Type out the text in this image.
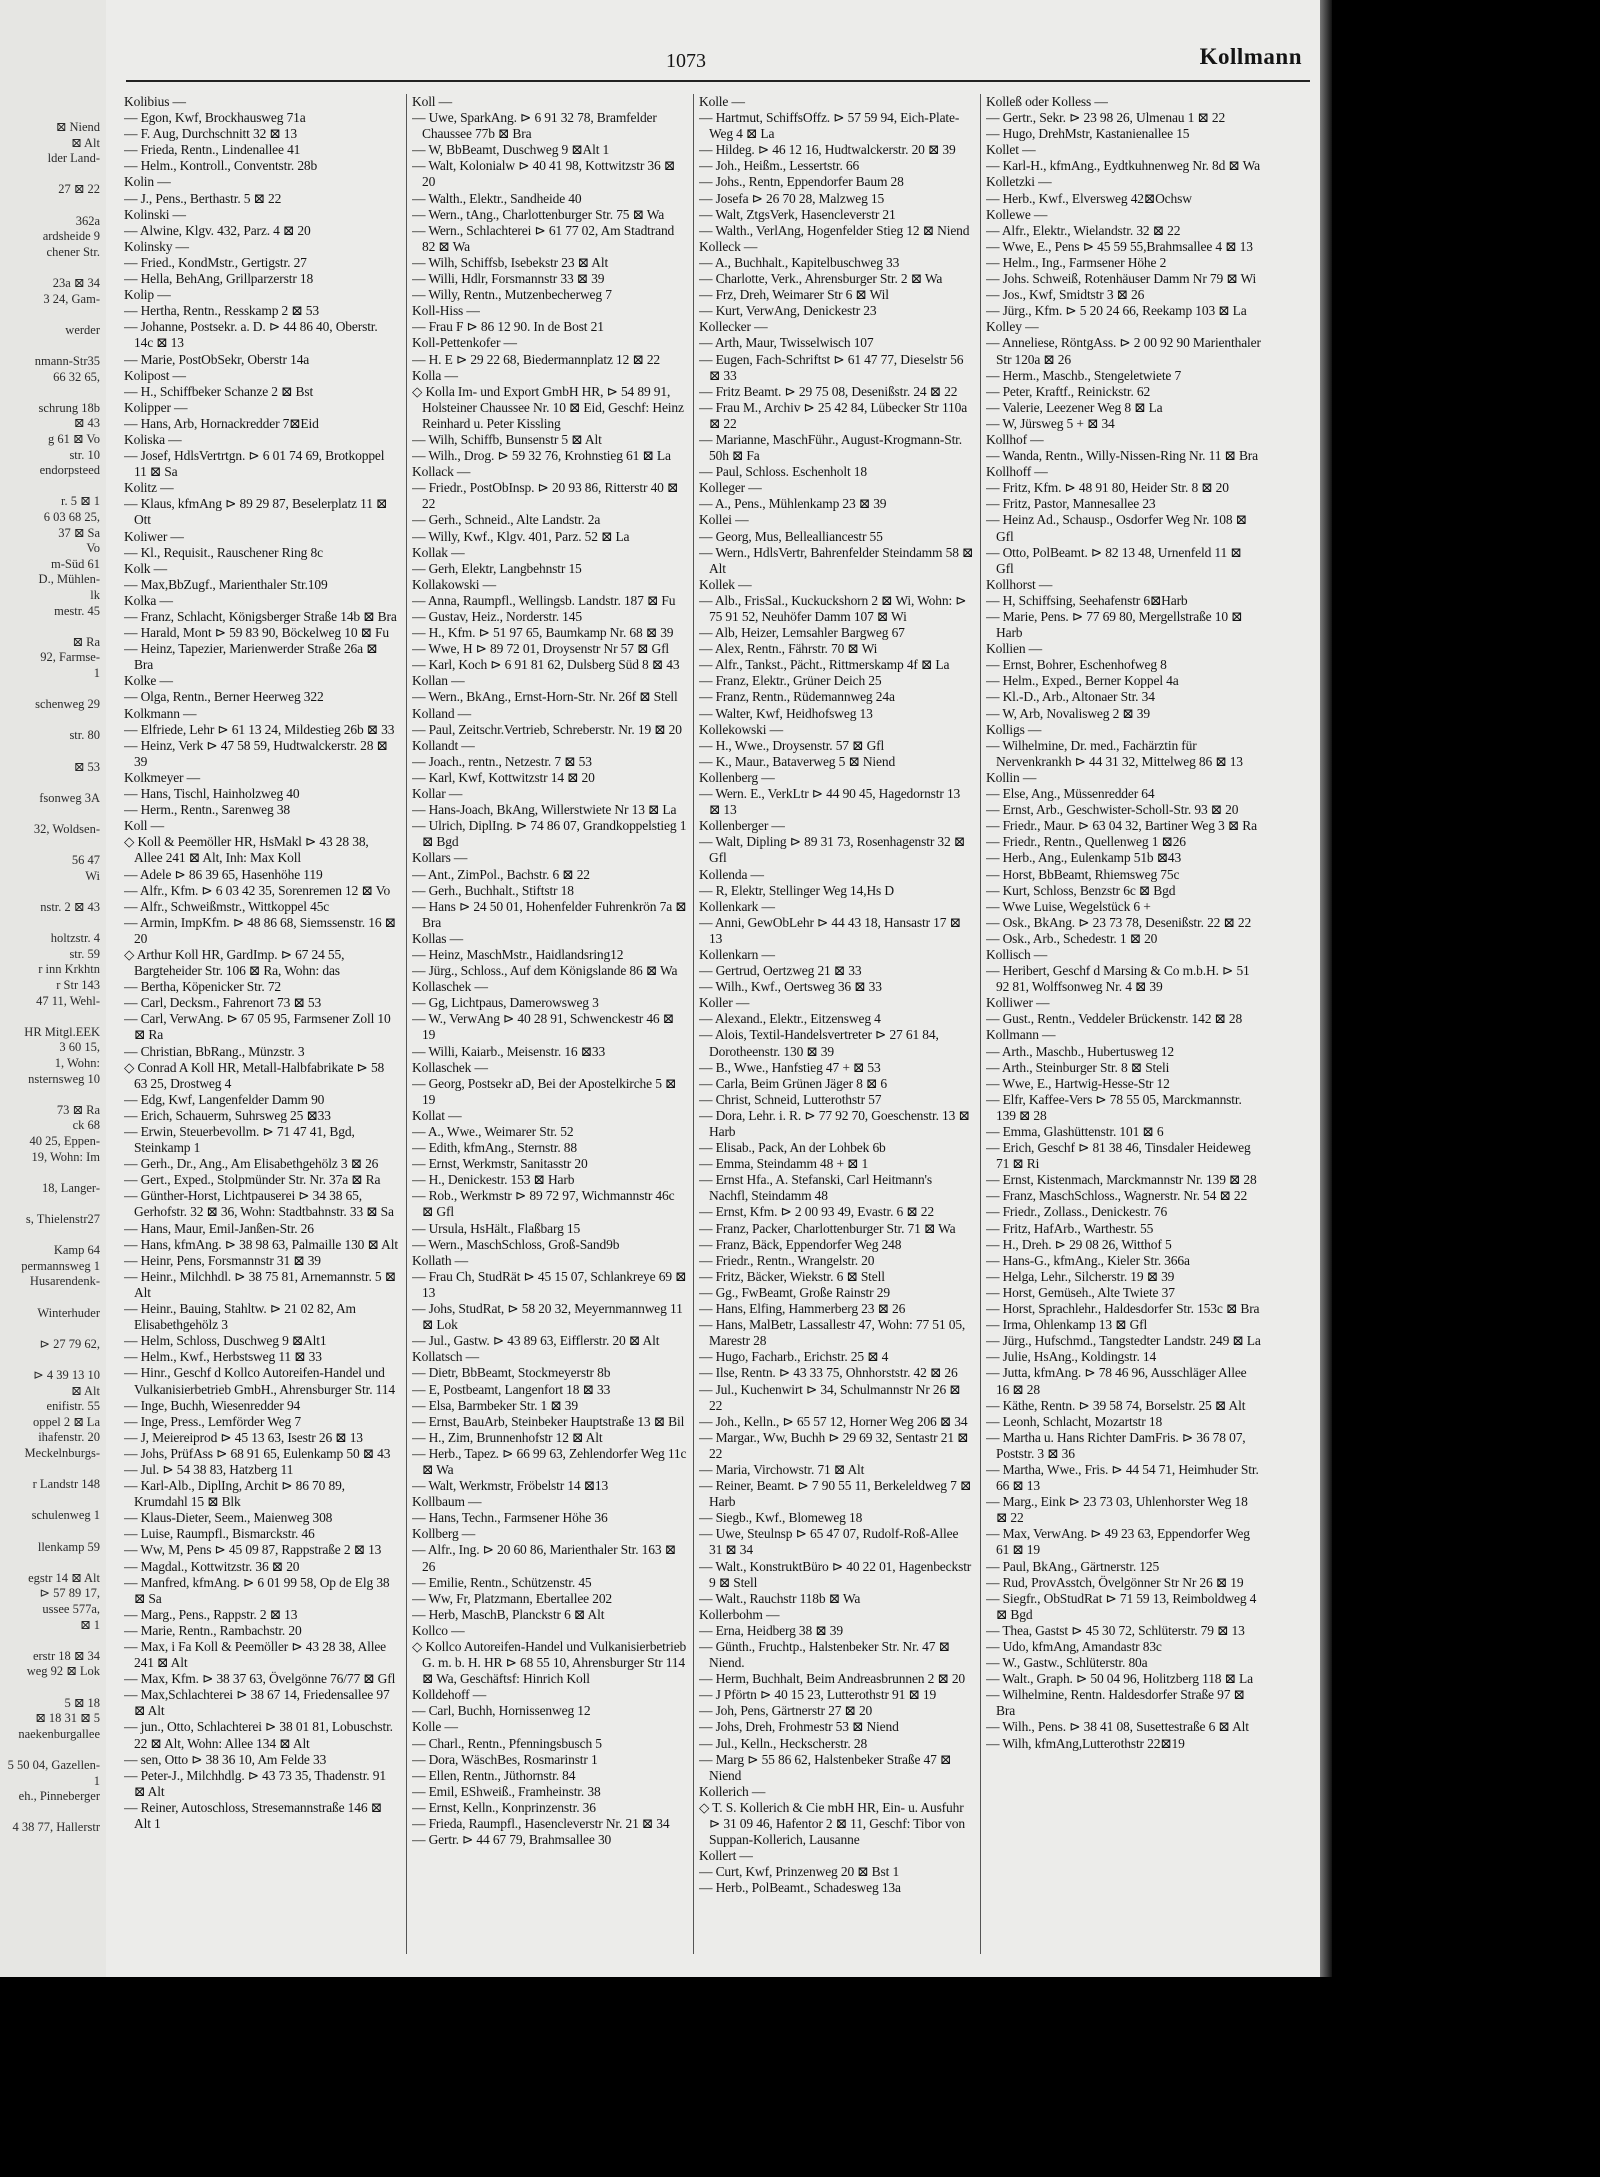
⊠ Niend
⊠ Alt
lder Land-
27 ⊠ 22
362a
ardsheide 9
chener Str.
23a ⊠ 34
3 24, Gam-
werder
nmann-Str35
66 32 65,
schrung 18b
⊠ 43
g 61 ⊠ Vo
str. 10
endorpsteed
r. 5 ⊠ 1
6 03 68 25,
37 ⊠ Sa
Vo
m-Süd 61
D., Mühlen-
lk
mestr. 45
⊠ Ra
92, Farmse-
1
schenweg 29
str. 80
⊠ 53
fsonweg 3A
32, Woldsen-
56 47
Wi
nstr. 2 ⊠ 43
holtzstr. 4
str. 59
r inn Krkhtn
r Str 143
47 11, Wehl-
HR Mitgl.EEK
3 60 15,
1, Wohn:
nsternsweg 10
73 ⊠ Ra
ck 68
40 25, Eppen-
19, Wohn: Im
18, Langer-
s, Thielenstr27
Kamp 64
permannsweg 1
Husarendenk-
Winterhuder
⊳ 27 79 62,
⊳ 4 39 13 10
⊠ Alt
enifistr. 55
oppel 2 ⊠ La
ihafenstr. 20
Meckelnburgs-
r Landstr 148
schulenweg 1
llenkamp 59
egstr 14 ⊠ Alt
⊳ 57 89 17,
ussee 577a,
⊠ 1
erstr 18 ⊠ 34
weg 92 ⊠ Lok
5 ⊠ 18
⊠ 18 31 ⊠ 5
naekenburgallee
5 50 04, Gazellen-
1
eh., Pinneberger
4 38 77, Hallerstr
1073	Kollmann
Kolibius —
— Egon, Kwf, Brockhausweg 71a
— F. Aug, Durchschnitt 32 ⊠ 13
— Frieda, Rentn., Lindenallee 41
— Helm., Kontroll., Conventstr. 28b
Kolin —
— J., Pens., Berthastr. 5 ⊠ 22
Kolinski —
— Alwine, Klgv. 432, Parz. 4 ⊠ 20
Kolinsky —
— Fried., KondMstr., Gertigstr. 27
— Hella, BehAng, Grillparzerstr 18
Kolip —
— Hertha, Rentn., Resskamp 2 ⊠ 53
— Johanne, Postsekr. a. D. ⊳ 44 86 40, Oberstr. 14c ⊠ 13
— Marie, PostObSekr, Oberstr 14a
Kolipost —
— H., Schiffbeker Schanze 2 ⊠ Bst
Kolipper —
— Hans, Arb, Hornackredder 7⊠Eid
Koliska —
— Josef, HdlsVertrtgn. ⊳ 6 01 74 69, Brotkoppel 11 ⊠ Sa
Kolitz —
— Klaus, kfmAng ⊳ 89 29 87, Beselerplatz 11 ⊠ Ott
Koliwer —
— Kl., Requisit., Rauschener Ring 8c
Kolk —
— Max,BbZugf., Marienthaler Str.109
Kolka —
— Franz, Schlacht, Königsberger Straße 14b ⊠ Bra
— Harald, Mont ⊳ 59 83 90, Böckelweg 10 ⊠ Fu
— Heinz, Tapezier, Marienwerder Straße 26a ⊠ Bra
Kolke —
— Olga, Rentn., Berner Heerweg 322
Kolkmann —
— Elfriede, Lehr ⊳ 61 13 24, Mildestieg 26b ⊠ 33
— Heinz, Verk ⊳ 47 58 59, Hudtwalckerstr. 28 ⊠ 39
Kolkmeyer —
— Hans, Tischl, Hainholzweg 40
— Herm., Rentn., Sarenweg 38
Koll —
◇ Koll & Peemöller HR, HsMakl ⊳ 43 28 38, Allee 241 ⊠ Alt, Inh: Max Koll
— Adele ⊳ 86 39 65, Hasenhöhe 119
— Alfr., Kfm. ⊳ 6 03 42 35, Sorenremen 12 ⊠ Vo
— Alfr., Schweißmstr., Wittkoppel 45c
— Armin, ImpKfm. ⊳ 48 86 68, Siemssenstr. 16 ⊠ 20
◇ Arthur Koll HR, GardImp. ⊳ 67 24 55, Bargteheider Str. 106 ⊠ Ra, Wohn: das
— Bertha, Köpenicker Str. 72
— Carl, Decksm., Fahrenort 73 ⊠ 53
— Carl, VerwAng. ⊳ 67 05 95, Farmsener Zoll 10 ⊠ Ra
— Christian, BbRang., Münzstr. 3
◇ Conrad A Koll HR, Metall-Halbfabrikate ⊳ 58 63 25, Drostweg 4
— Edg, Kwf, Langenfelder Damm 90
— Erich, Schauerm, Suhrsweg 25 ⊠33
— Erwin, Steuerbevollm. ⊳ 71 47 41, Bgd, Steinkamp 1
— Gerh., Dr., Ang., Am Elisabethgehölz 3 ⊠ 26
— Gert., Exped., Stolpmünder Str. Nr. 37a ⊠ Ra
— Günther-Horst, Lichtpauserei ⊳ 34 38 65, Gerhofstr. 32 ⊠ 36, Wohn: Stadtbahnstr. 33 ⊠ Sa
— Hans, Maur, Emil-Janßen-Str. 26
— Hans, kfmAng. ⊳ 38 98 63, Palmaille 130 ⊠ Alt
— Heinr, Pens, Forsmannstr 31 ⊠ 39
— Heinr., Milchhdl. ⊳ 38 75 81, Arnemannstr. 5 ⊠ Alt
— Heinr., Bauing, Stahltw. ⊳ 21 02 82, Am Elisabethgehölz 3
— Helm, Schloss, Duschweg 9 ⊠Alt1
— Helm., Kwf., Herbstsweg 11 ⊠ 33
— Hinr., Geschf d Kollco Autoreifen-Handel und Vulkanisierbetrieb GmbH., Ahrensburger Str. 114
— Inge, Buchh, Wiesenredder 94
— Inge, Press., Lemförder Weg 7
— J, Meiereiprod ⊳ 45 13 63, Isestr 26 ⊠ 13
— Johs, PrüfAss ⊳ 68 91 65, Eulenkamp 50 ⊠ 43
— Jul. ⊳ 54 38 83, Hatzberg 11
— Karl-Alb., DiplIng, Archit ⊳ 86 70 89, Krumdahl 15 ⊠ Blk
— Klaus-Dieter, Seem., Maienweg 308
— Luise, Raumpfl., Bismarckstr. 46
— Ww, M, Pens ⊳ 45 09 87, Rappstraße 2 ⊠ 13
— Magdal., Kottwitzstr. 36 ⊠ 20
— Manfred, kfmAng. ⊳ 6 01 99 58, Op de Elg 38 ⊠ Sa
— Marg., Pens., Rappstr. 2 ⊠ 13
— Marie, Rentn., Rambachstr. 20
— Max, i Fa Koll & Peemöller ⊳ 43 28 38, Allee 241 ⊠ Alt
— Max, Kfm. ⊳ 38 37 63, Övelgönne 76/77 ⊠ Gfl
— Max,Schlachterei ⊳ 38 67 14, Friedensallee 97 ⊠ Alt
— jun., Otto, Schlachterei ⊳ 38 01 81, Lobuschstr. 22 ⊠ Alt, Wohn: Allee 134 ⊠ Alt
— sen, Otto ⊳ 38 36 10, Am Felde 33
— Peter-J., Milchhdlg. ⊳ 43 73 35, Thadenstr. 91 ⊠ Alt
— Reiner, Autoschloss, Stresemannstraße 146 ⊠ Alt 1
Koll —
— Uwe, SparkAng. ⊳ 6 91 32 78, Bramfelder Chaussee 77b ⊠ Bra
— W, BbBeamt, Duschweg 9 ⊠Alt 1
— Walt, Kolonialw ⊳ 40 41 98, Kottwitzstr 36 ⊠ 20
— Walth., Elektr., Sandheide 40
— Wern., tAng., Charlottenburger Str. 75 ⊠ Wa
— Wern., Schlachterei ⊳ 61 77 02, Am Stadtrand 82 ⊠ Wa
— Wilh, Schiffsb, Isebekstr 23 ⊠ Alt
— Willi, Hdlr, Forsmannstr 33 ⊠ 39
— Willy, Rentn., Mutzenbecherweg 7
Koll-Hiss —
— Frau F ⊳ 86 12 90. In de Bost 21
Koll-Pettenkofer —
— H. E ⊳ 29 22 68, Biedermannplatz 12 ⊠ 22
Kolla —
◇ Kolla Im- und Export GmbH HR, ⊳ 54 89 91, Holsteiner Chaussee Nr. 10 ⊠ Eid, Geschf: Heinz Reinhard u. Peter Kissling
— Wilh, Schiffb, Bunsenstr 5 ⊠ Alt
— Wilh., Drog. ⊳ 59 32 76, Krohnstieg 61 ⊠ La
Kollack —
— Friedr., PostObInsp. ⊳ 20 93 86, Ritterstr 40 ⊠ 22
— Gerh., Schneid., Alte Landstr. 2a
— Willy, Kwf., Klgv. 401, Parz. 52 ⊠ La
Kollak —
— Gerh, Elektr, Langbehnstr 15
Kollakowski —
— Anna, Raumpfl., Wellingsb. Landstr. 187 ⊠ Fu
— Gustav, Heiz., Norderstr. 145
— H., Kfm. ⊳ 51 97 65, Baumkamp Nr. 68 ⊠ 39
— Wwe, H ⊳ 89 72 01, Droysenstr Nr 57 ⊠ Gfl
— Karl, Koch ⊳ 6 91 81 62, Dulsberg Süd 8 ⊠ 43
Kollan —
— Wern., BkAng., Ernst-Horn-Str. Nr. 26f ⊠ Stell
Kolland —
— Paul, Zeitschr.Vertrieb, Schreberstr. Nr. 19 ⊠ 20
Kollandt —
— Joach., rentn., Netzestr. 7 ⊠ 53
— Karl, Kwf, Kottwitzstr 14 ⊠ 20
Kollar —
— Hans-Joach, BkAng, Willerstwiete Nr 13 ⊠ La
— Ulrich, DiplIng. ⊳ 74 86 07, Grandkoppelstieg 1 ⊠ Bgd
Kollars —
— Ant., ZimPol., Bachstr. 6 ⊠ 22
— Gerh., Buchhalt., Stiftstr 18
— Hans ⊳ 24 50 01, Hohenfelder Fuhrenkrön 7a ⊠ Bra
Kollas —
— Heinz, MaschMstr., Haidlandsring12
— Jürg., Schloss., Auf dem Königslande 86 ⊠ Wa
Kollaschek —
— Gg, Lichtpaus, Damerowsweg 3
— W., VerwAng ⊳ 40 28 91, Schwenckestr 46 ⊠ 19
— Willi, Kaiarb., Meisenstr. 16 ⊠33
Kollaschek —
— Georg, Postsekr aD, Bei der Apostelkirche 5 ⊠ 19
Kollat —
— A., Wwe., Weimarer Str. 52
— Edith, kfmAng., Sternstr. 88
— Ernst, Werkmstr, Sanitasstr 20
— H., Denickestr. 153 ⊠ Harb
— Rob., Werkmstr ⊳ 89 72 97, Wichmannstr 46c ⊠ Gfl
— Ursula, HsHält., Flaßbarg 15
— Wern., MaschSchloss, Groß-Sand9b
Kollath —
— Frau Ch, StudRät ⊳ 45 15 07, Schlankreye 69 ⊠ 13
— Johs, StudRat, ⊳ 58 20 32, Meyernmannweg 11 ⊠ Lok
— Jul., Gastw. ⊳ 43 89 63, Eifflerstr. 20 ⊠ Alt
Kollatsch —
— Dietr, BbBeamt, Stockmeyerstr 8b
— E, Postbeamt, Langenfort 18 ⊠ 33
— Elsa, Barmbeker Str. 1 ⊠ 39
— Ernst, BauArb, Steinbeker Hauptstraße 13 ⊠ Bil
— H., Zim, Brunnenhofstr 12 ⊠ Alt
— Herb., Tapez. ⊳ 66 99 63, Zehlendorfer Weg 11c ⊠ Wa
— Walt, Werkmstr, Fröbelstr 14 ⊠13
Kollbaum —
— Hans, Techn., Farmsener Höhe 36
Kollberg —
— Alfr., Ing. ⊳ 20 60 86, Marienthaler Str. 163 ⊠ 26
— Emilie, Rentn., Schützenstr. 45
— Ww, Fr, Platzmann, Ebertallee 202
— Herb, MaschB, Planckstr 6 ⊠ Alt
Kollco —
◇ Kollco Autoreifen-Handel und Vulkanisierbetrieb G. m. b. H. HR ⊳ 68 55 10, Ahrensburger Str 114 ⊠ Wa, Geschäftsf: Hinrich Koll
Kolldehoff —
— Carl, Buchh, Hornissenweg 12
Kolle —
— Charl., Rentn., Pfenningsbusch 5
— Dora, WäschBes, Rosmarinstr 1
— Ellen, Rentn., Jüthornstr. 84
— Emil, EShweiß., Framheinstr. 38
— Ernst, Kelln., Konprinzenstr. 36
— Frieda, Raumpfl., Hasencleverstr Nr. 21 ⊠ 34
— Gertr. ⊳ 44 67 79, Brahmsallee 30
Kolle —
— Hartmut, SchiffsOffz. ⊳ 57 59 94, Eich-Plate-Weg 4 ⊠ La
— Hildeg. ⊳ 46 12 16, Hudtwalckerstr. 20 ⊠ 39
— Joh., Heißm., Lessertstr. 66
— Johs., Rentn, Eppendorfer Baum 28
— Josefa ⊳ 26 70 28, Malzweg 15
— Walt, ZtgsVerk, Hasencleverstr 21
— Walth., VerlAng, Hogenfelder Stieg 12 ⊠ Niend
Kolleck —
— A., Buchhalt., Kapitelbuschweg 33
— Charlotte, Verk., Ahrensburger Str. 2 ⊠ Wa
— Frz, Dreh, Weimarer Str 6 ⊠ Wil
— Kurt, VerwAng, Denickestr 23
Kollecker —
— Arth, Maur, Twisselwisch 107
— Eugen, Fach-Schriftst ⊳ 61 47 77, Dieselstr 56 ⊠ 33
— Fritz Beamt. ⊳ 29 75 08, Desenißstr. 24 ⊠ 22
— Frau M., Archiv ⊳ 25 42 84, Lübecker Str 110a ⊠ 22
— Marianne, MaschFühr., August-Krogmann-Str. 50h ⊠ Fa
— Paul, Schloss. Eschenholt 18
Kolleger —
— A., Pens., Mühlenkamp 23 ⊠ 39
Kollei —
— Georg, Mus, Bellealliancestr 55
— Wern., HdlsVertr, Bahrenfelder Steindamm 58 ⊠ Alt
Kollek —
— Alb., FrisSal., Kuckuckshorn 2 ⊠ Wi, Wohn: ⊳ 75 91 52, Neuhöfer Damm 107 ⊠ Wi
— Alb, Heizer, Lemsahler Bargweg 67
— Alex, Rentn., Fährstr. 70 ⊠ Wi
— Alfr., Tankst., Pächt., Rittmerskamp 4f ⊠ La
— Franz, Elektr., Grüner Deich 25
— Franz, Rentn., Rüdemannweg 24a
— Walter, Kwf, Heidhofsweg 13
Kollekowski —
— H., Wwe., Droysenstr. 57 ⊠ Gfl
— K., Maur., Bataverweg 5 ⊠ Niend
Kollenberg —
— Wern. E., VerkLtr ⊳ 44 90 45, Hagedornstr 13 ⊠ 13
Kollenberger —
— Walt, Dipling ⊳ 89 31 73, Rosenhagenstr 32 ⊠ Gfl
Kollenda —
— R, Elektr, Stellinger Weg 14,Hs D
Kollenkark —
— Anni, GewObLehr ⊳ 44 43 18, Hansastr 17 ⊠ 13
Kollenkarn —
— Gertrud, Oertzweg 21 ⊠ 33
— Wilh., Kwf., Oertsweg 36 ⊠ 33
Koller —
— Alexand., Elektr., Eitzensweg 4
— Alois, Textil-Handelsvertreter ⊳ 27 61 84, Dorotheenstr. 130 ⊠ 39
— B., Wwe., Hanfstieg 47 + ⊠ 53
— Carla, Beim Grünen Jäger 8 ⊠ 6
— Christ, Schneid, Lutterothstr 57
— Dora, Lehr. i. R. ⊳ 77 92 70, Goeschenstr. 13 ⊠ Harb
— Elisab., Pack, An der Lohbek 6b
— Emma, Steindamm 48 + ⊠ 1
— Ernst Hfa., A. Stefanski, Carl Heitmann's Nachfl, Steindamm 48
— Ernst, Kfm. ⊳ 2 00 93 49, Evastr. 6 ⊠ 22
— Franz, Packer, Charlottenburger Str. 71 ⊠ Wa
— Franz, Bäck, Eppendorfer Weg 248
— Friedr., Rentn., Wrangelstr. 20
— Fritz, Bäcker, Wiekstr. 6 ⊠ Stell
— Gg., FwBeamt, Große Rainstr 29
— Hans, Elfing, Hammerberg 23 ⊠ 26
— Hans, MalBetr, Lassallestr 47, Wohn: 77 51 05, Marestr 28
— Hugo, Facharb., Erichstr. 25 ⊠ 4
— Ilse, Rentn. ⊳ 43 33 75, Ohnhorststr. 42 ⊠ 26
— Jul., Kuchenwirt ⊳ 34, Schulmannstr Nr 26 ⊠ 22
— Joh., Kelln., ⊳ 65 57 12, Horner Weg 206 ⊠ 34
— Margar., Ww, Buchh ⊳ 29 69 32, Sentastr 21 ⊠ 22
— Maria, Virchowstr. 71 ⊠ Alt
— Reiner, Beamt. ⊳ 7 90 55 11, Berkeleldweg 7 ⊠ Harb
— Siegb., Kwf., Blomeweg 18
— Uwe, Steulnsp ⊳ 65 47 07, Rudolf-Roß-Allee 31 ⊠ 34
— Walt., KonstruktBüro ⊳ 40 22 01, Hagenbeckstr 9 ⊠ Stell
— Walt., Rauchstr 118b ⊠ Wa
Kollerbohm —
— Erna, Heidberg 38 ⊠ 39
— Günth., Fruchtp., Halstenbeker Str. Nr. 47 ⊠ Niend.
— Herm, Buchhalt, Beim Andreasbrunnen 2 ⊠ 20
— J Pförtn ⊳ 40 15 23, Lutterothstr 91 ⊠ 19
— Joh, Pens, Gärtnerstr 27 ⊠ 20
— Johs, Dreh, Frohmestr 53 ⊠ Niend
— Jul., Kelln., Heckscherstr. 28
— Marg ⊳ 55 86 62, Halstenbeker Straße 47 ⊠ Niend
Kollerich —
◇ T. S. Kollerich & Cie mbH HR, Ein- u. Ausfuhr ⊳ 31 09 46, Hafentor 2 ⊠ 11, Geschf: Tibor von Suppan-Kollerich, Lausanne
Kollert —
— Curt, Kwf, Prinzenweg 20 ⊠ Bst 1
— Herb., PolBeamt., Schadesweg 13a
Kolleß oder Kolless —
— Gertr., Sekr. ⊳ 23 98 26, Ulmenau 1 ⊠ 22
— Hugo, DrehMstr, Kastanienallee 15
Kollet —
— Karl-H., kfmAng., Eydtkuhnenweg Nr. 8d ⊠ Wa
Kolletzki —
— Herb., Kwf., Elversweg 42⊠Ochsw
Kollewe —
— Alfr., Elektr., Wielandstr. 32 ⊠ 22
— Wwe, E., Pens ⊳ 45 59 55,Brahmsallee 4 ⊠ 13
— Helm., Ing., Farmsener Höhe 2
— Johs. Schweiß, Rotenhäuser Damm Nr 79 ⊠ Wi
— Jos., Kwf, Smidtstr 3 ⊠ 26
— Jürg., Kfm. ⊳ 5 20 24 66, Reekamp 103 ⊠ La
Kolley —
— Anneliese, RöntgAss. ⊳ 2 00 92 90 Marienthaler Str 120a ⊠ 26
— Herm., Maschb., Stengeletwiete 7
— Peter, Kraftf., Reinickstr. 62
— Valerie, Leezener Weg 8 ⊠ La
— W, Jürsweg 5 + ⊠ 34
Kollhof —
— Wanda, Rentn., Willy-Nissen-Ring Nr. 11 ⊠ Bra
Kollhoff —
— Fritz, Kfm. ⊳ 48 91 80, Heider Str. 8 ⊠ 20
— Fritz, Pastor, Mannesallee 23
— Heinz Ad., Schausp., Osdorfer Weg Nr. 108 ⊠ Gfl
— Otto, PolBeamt. ⊳ 82 13 48, Urnenfeld 11 ⊠ Gfl
Kollhorst —
— H, Schiffsing, Seehafenstr 6⊠Harb
— Marie, Pens. ⊳ 77 69 80, Mergellstraße 10 ⊠ Harb
Kollien —
— Ernst, Bohrer, Eschenhofweg 8
— Helm., Exped., Berner Koppel 4a
— Kl.-D., Arb., Altonaer Str. 34
— W, Arb, Novalisweg 2 ⊠ 39
Kolligs —
— Wilhelmine, Dr. med., Fachärztin für Nervenkrankh ⊳ 44 31 32, Mittelweg 86 ⊠ 13
Kollin —
— Else, Ang., Müssenredder 64
— Ernst, Arb., Geschwister-Scholl-Str. 93 ⊠ 20
— Friedr., Maur. ⊳ 63 04 32, Bartiner Weg 3 ⊠ Ra
— Friedr., Rentn., Quellenweg 1 ⊠26
— Herb., Ang., Eulenkamp 51b ⊠43
— Horst, BbBeamt, Rhiemsweg 75c
— Kurt, Schloss, Benzstr 6c ⊠ Bgd
— Wwe Luise, Wegelstück 6 +
— Osk., BkAng. ⊳ 23 73 78, Desenißstr. 22 ⊠ 22
— Osk., Arb., Schedestr. 1 ⊠ 20
Kollisch —
— Heribert, Geschf d Marsing & Co m.b.H. ⊳ 51 92 81, Wolffsonweg Nr. 4 ⊠ 39
Kolliwer —
— Gust., Rentn., Veddeler Brückenstr. 142 ⊠ 28
Kollmann —
— Arth., Maschb., Hubertusweg 12
— Arth., Steinburger Str. 8 ⊠ Steli
— Wwe, E., Hartwig-Hesse-Str 12
— Elfr, Kaffee-Vers ⊳ 78 55 05, Marckmannstr. 139 ⊠ 28
— Emma, Glashüttenstr. 101 ⊠ 6
— Erich, Geschf ⊳ 81 38 46, Tinsdaler Heideweg 71 ⊠ Ri
— Ernst, Kistenmach, Marckmannstr Nr. 139 ⊠ 28
— Franz, MaschSchloss., Wagnerstr. Nr. 54 ⊠ 22
— Friedr., Zollass., Denickestr. 76
— Fritz, HafArb., Warthestr. 55
— H., Dreh. ⊳ 29 08 26, Witthof 5
— Hans-G., kfmAng., Kieler Str. 366a
— Helga, Lehr., Silcherstr. 19 ⊠ 39
— Horst, Gemüseh., Alte Twiete 37
— Horst, Sprachlehr., Haldesdorfer Str. 153c ⊠ Bra
— Irma, Ohlenkamp 13 ⊠ Gfl
— Jürg., Hufschmd., Tangstedter Landstr. 249 ⊠ La
— Julie, HsAng., Koldingstr. 14
— Jutta, kfmAng. ⊳ 78 46 96, Ausschläger Allee 16 ⊠ 28
— Käthe, Rentn. ⊳ 39 58 74, Borselstr. 25 ⊠ Alt
— Leonh, Schlacht, Mozartstr 18
— Martha u. Hans Richter DamFris. ⊳ 36 78 07, Poststr. 3 ⊠ 36
— Martha, Wwe., Fris. ⊳ 44 54 71, Heimhuder Str. 66 ⊠ 13
— Marg., Eink ⊳ 23 73 03, Uhlenhorster Weg 18 ⊠ 22
— Max, VerwAng. ⊳ 49 23 63, Eppendorfer Weg 61 ⊠ 19
— Paul, BkAng., Gärtnerstr. 125
— Rud, ProvAsstch, Övelgönner Str Nr 26 ⊠ 19
— Siegfr., ObStudRat ⊳ 71 59 13, Reimboldweg 4 ⊠ Bgd
— Thea, Gastst ⊳ 45 30 72, Schlüterstr. 79 ⊠ 13
— Udo, kfmAng, Amandastr 83c
— W., Gastw., Schlüterstr. 80a
— Walt., Graph. ⊳ 50 04 96, Holitzberg 118 ⊠ La
— Wilhelmine, Rentn. Haldesdorfer Straße 97 ⊠ Bra
— Wilh., Pens. ⊳ 38 41 08, Susettestraße 6 ⊠ Alt
— Wilh, kfmAng,Lutterothstr 22⊠19
